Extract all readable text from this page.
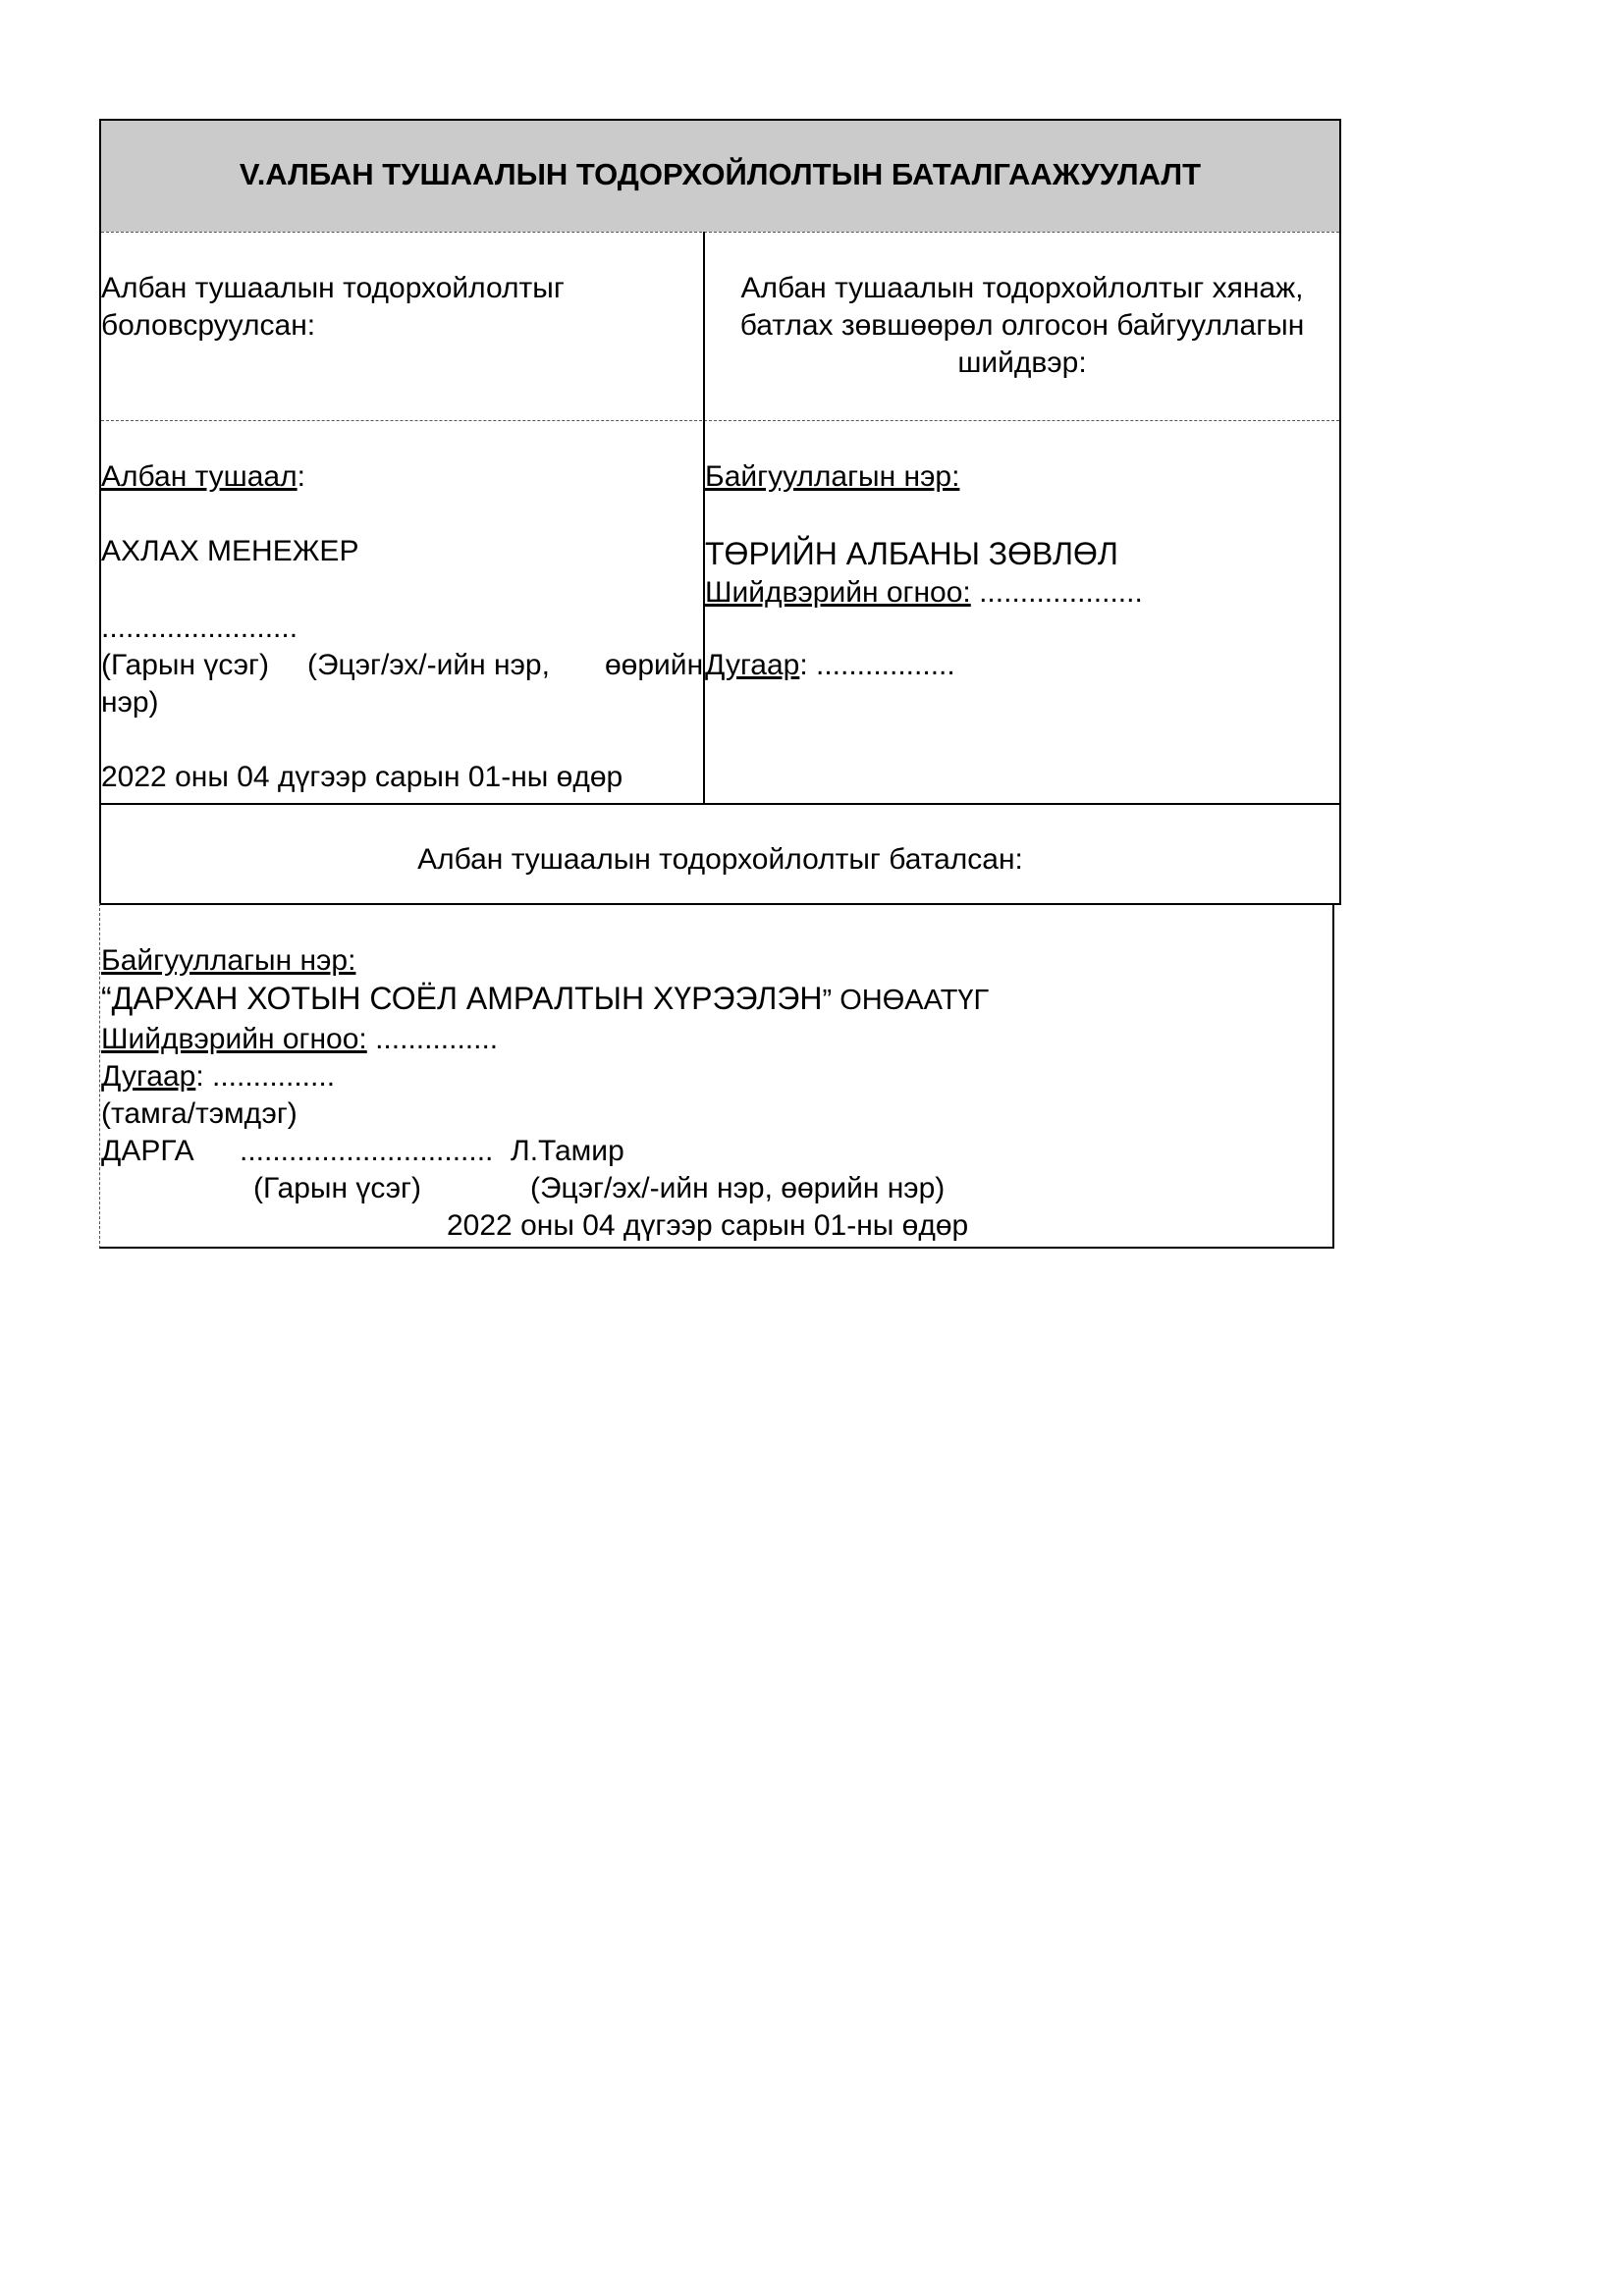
V.АЛБАН ТУШААЛЫН ТОДОРХОЙЛОЛТЫН БАТАЛГААЖУУЛАЛТ
Албан тушаалын тодорхойлолтыг
боловсруулсан:
Албан тушаалын тодорхойлолтыг хянаж,
батлах зөвшөөрөл олгосон байгууллагын
шийдвэр:
Албан тушаал:
АХЛАХ МЕНЕЖЕР
........................
(Гарын үсэг) (Эцэг/эх/-ийн нэр, өөрийн
нэр)
2022 оны 04 дүгээр сарын 01-ны өдөр
Байгууллагын нэр:
ТӨРИЙН АЛБАНЫ ЗӨВЛӨЛ
Шийдвэрийн огноо: ....................
Дугаар: .................
Албан тушаалын тодорхойлолтыг баталсан:
Байгууллагын нэр:
“ДАРХАН ХОТЫН СОЁЛ АМРАЛТЫН ХҮРЭЭЛЭН” ОНӨААТҮГ
Шийдвэрийн огноо: ...............
Дугаар: ...............
(тамга/тэмдэг)
ДАРГА ............................... Л.Тамир
(Гарын үсэг)	(Эцэг/эх/-ийн нэр, өөрийн нэр)
2022 оны 04 дүгээр сарын 01-ны өдөр
